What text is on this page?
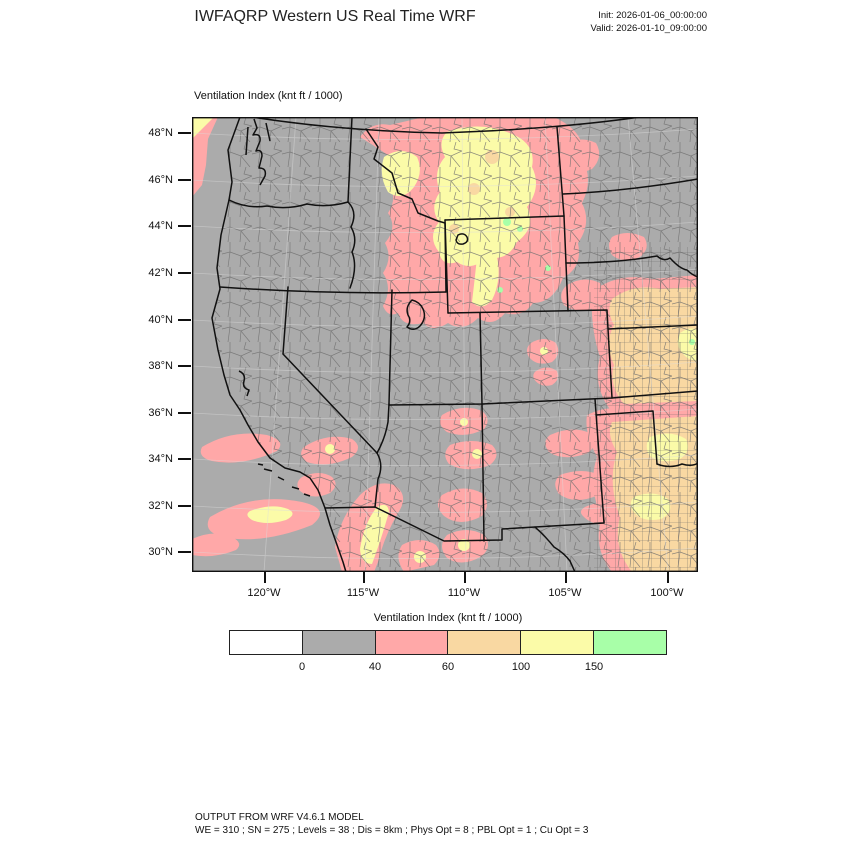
IWFAQRP Western US Real Time WRF	Init: 2026-01-06_00:00:00
Valid: 2026-01-10_09:00:00
Ventilation Index (knt ft / 1000)
48°N
46°N
44°N
42°N
40°N
38°N
36°N
34°N
32°N
30°N
120°W	115°W	110°W	105°W	100°W
Ventilation Index (knt ft / 1000)
0	40	60	100	150
OUTPUT FROM WRF V4.6.1 MODEL
WE = 310 ; SN = 275 ; Levels = 38 ; Dis = 8km ; Phys Opt = 8 ; PBL Opt = 1 ; Cu Opt = 3
